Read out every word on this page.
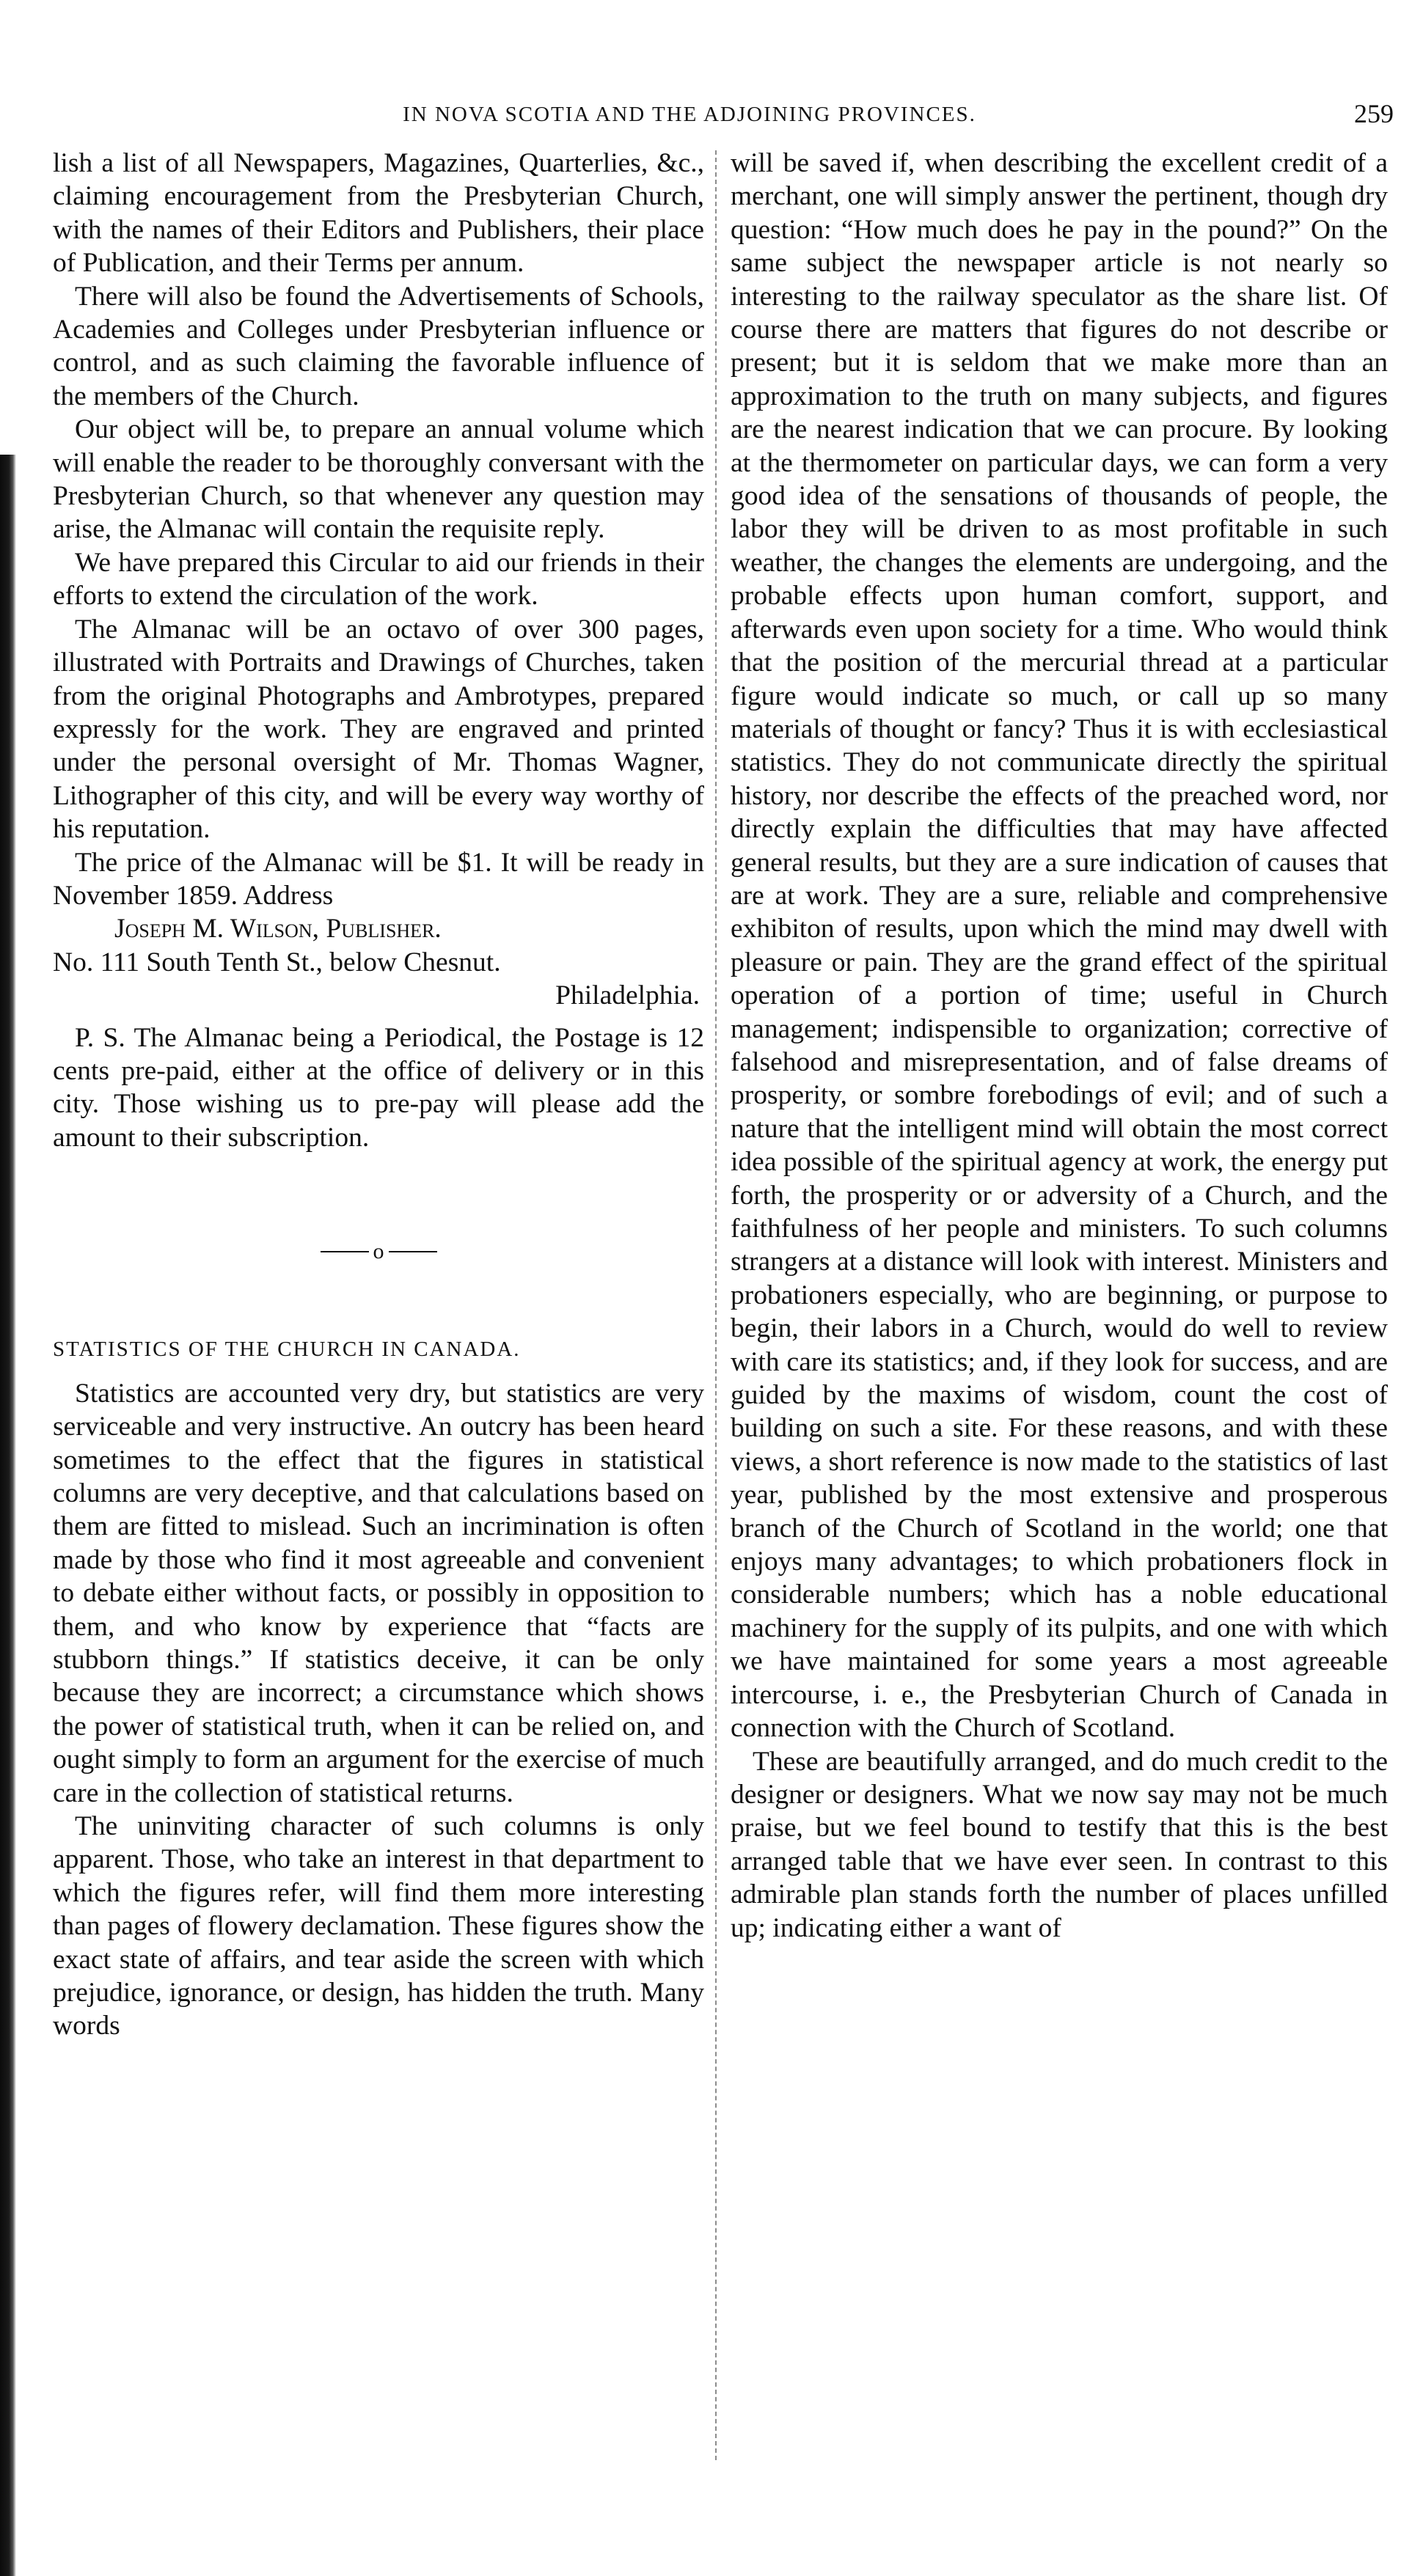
IN NOVA SCOTIA AND THE ADJOINING PROVINCES.	259

lish a list of all Newspapers, Magazines, Quarterlies, &c., claiming encouragement from the Presbyterian Church, with the names of their Editors and Publishers, their place of Publication, and their Terms per annum.

There will also be found the Advertisements of Schools, Academies and Colleges under Presbyterian influence or control, and as such claiming the favorable influence of the members of the Church.

Our object will be, to prepare an annual volume which will enable the reader to be thoroughly conversant with the Presbyterian Church, so that whenever any question may arise, the Almanac will contain the requisite reply.

We have prepared this Circular to aid our friends in their efforts to extend the circulation of the work.

The Almanac will be an octavo of over 300 pages, illustrated with Portraits and Drawings of Churches, taken from the original Photographs and Ambrotypes, prepared expressly for the work. They are engraved and printed under the personal oversight of Mr. Thomas Wagner, Lithographer of this city, and will be every way worthy of his reputation.

The price of the Almanac will be $1. It will be ready in November 1859. Address

Joseph M. Wilson, Publisher.
No. 111 South Tenth St., below Chesnut.
Philadelphia.

P. S. The Almanac being a Periodical, the Postage is 12 cents pre-paid, either at the office of delivery or in this city. Those wishing us to pre-pay will please add the amount to their subscription.

o
STATISTICS OF THE CHURCH IN CANADA.

Statistics are accounted very dry, but statistics are very serviceable and very instructive. An outcry has been heard sometimes to the effect that the figures in statistical columns are very deceptive, and that calculations based on them are fitted to mislead. Such an incrimination is often made by those who find it most agreeable and convenient to debate either without facts, or possibly in opposition to them, and who know by experience that “facts are stubborn things.” If statistics deceive, it can be only because they are incorrect; a circumstance which shows the power of statistical truth, when it can be relied on, and ought simply to form an argument for the exercise of much care in the collection of statistical returns.

The uninviting character of such columns is only apparent. Those, who take an interest in that department to which the figures refer, will find them more interesting than pages of flowery declamation. These figures show the exact state of affairs, and tear aside the screen with which prejudice, ignorance, or design, has hidden the truth. Many words

will be saved if, when describing the excellent credit of a merchant, one will simply answer the pertinent, though dry question: “How much does he pay in the pound?” On the same subject the newspaper article is not nearly so interesting to the railway speculator as the share list. Of course there are matters that figures do not describe or present; but it is seldom that we make more than an approximation to the truth on many subjects, and figures are the nearest indication that we can procure. By looking at the thermometer on particular days, we can form a very good idea of the sensations of thousands of people, the labor they will be driven to as most profitable in such weather, the changes the elements are undergoing, and the probable effects upon human comfort, support, and afterwards even upon society for a time. Who would think that the position of the mercurial thread at a particular figure would indicate so much, or call up so many materials of thought or fancy? Thus it is with ecclesiastical statistics. They do not communicate directly the spiritual history, nor describe the effects of the preached word, nor directly explain the difficulties that may have affected general results, but they are a sure indication of causes that are at work. They are a sure, reliable and comprehensive exhibiton of results, upon which the mind may dwell with pleasure or pain. They are the grand effect of the spiritual operation of a portion of time; useful in Church management; indispensible to organization; corrective of falsehood and misrepresentation, and of false dreams of prosperity, or sombre forebodings of evil; and of such a nature that the intelligent mind will obtain the most correct idea possible of the spiritual agency at work, the energy put forth, the prosperity or or adversity of a Church, and the faithfulness of her people and ministers. To such columns strangers at a distance will look with interest. Ministers and probationers especially, who are beginning, or purpose to begin, their labors in a Church, would do well to review with care its statistics; and, if they look for success, and are guided by the maxims of wisdom, count the cost of building on such a site. For these reasons, and with these views, a short reference is now made to the statistics of last year, published by the most extensive and prosperous branch of the Church of Scotland in the world; one that enjoys many advantages; to which probationers flock in considerable numbers; which has a noble educational machinery for the supply of its pulpits, and one with which we have maintained for some years a most agreeable intercourse, i. e., the Presbyterian Church of Canada in connection with the Church of Scotland.

These are beautifully arranged, and do much credit to the designer or designers. What we now say may not be much praise, but we feel bound to testify that this is the best arranged table that we have ever seen. In contrast to this admirable plan stands forth the number of places unfilled up; indicating either a want of
